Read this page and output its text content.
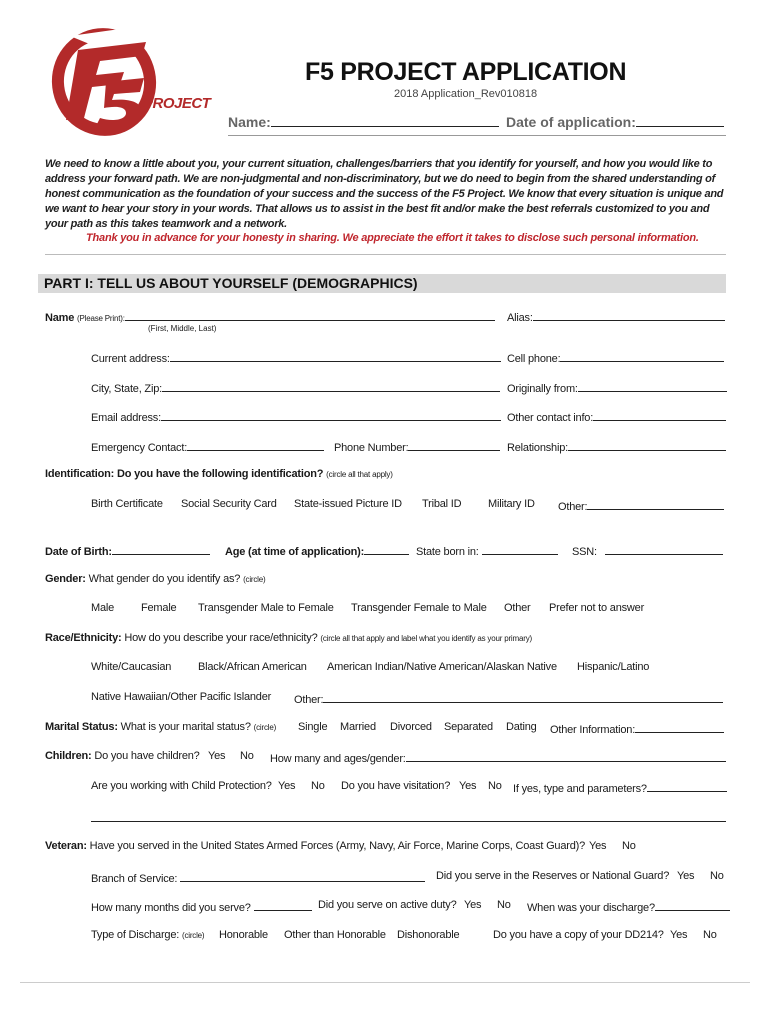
PROJECT
F5 PROJECT APPLICATION
2018 Application_Rev010818
Name:	Date of application:
We need to know a little about you, your current situation, challenges/barriers that you identify for yourself, and how you would like to address your forward path. We are non-judgmental and non-discriminatory, but we do need to begin from the shared understanding of honest communication as the foundation of your success and the success of the F5 Project. We know that every situation is unique and we want to hear your story in your words. That allows us to assist in the best fit and/or make the best referrals customized to you and your path as this takes teamwork and a network.
Thank you in advance for your honesty in sharing. We appreciate the effort it takes to disclose such personal information.
PART I: TELL US ABOUT YOURSELF (DEMOGRAPHICS)
Name (Please Print):
(First, Middle, Last)
Alias:
Current address:	Cell phone:
City, State, Zip:	Originally from:
Email address:	Other contact info:
Emergency Contact:	Phone Number:	Relationship:
Identification: Do you have the following identification? (circle all that apply)
Birth Certificate Social Security Card State-issued Picture ID Tribal ID Military ID Other:
Date of Birth:	Age (at time of application):	State born in:	SSN:
Gender: What gender do you identify as? (circle)
Male Female Transgender Male to Female Transgender Female to Male Other Prefer not to answer
Race/Ethnicity: How do you describe your race/ethnicity? (circle all that apply and label what you identify as your primary)
White/Caucasian Black/African American American Indian/Native American/Alaskan Native Hispanic/Latino
Native Hawaiian/Other Pacific Islander Other:
Marital Status: What is your marital status? (circle) Single Married Divorced Separated Dating Other Information:
Children: Do you have children? Yes No How many and ages/gender:
Are you working with Child Protection? Yes No Do you have visitation? Yes No If yes, type and parameters?
Veteran: Have you served in the United States Armed Forces (Army, Navy, Air Force, Marine Corps, Coast Guard)? Yes No
Branch of Service:	Did you serve in the Reserves or National Guard? Yes No
How many months did you serve?	Did you serve on active duty? Yes No When was your discharge?
Type of Discharge: (circle) Honorable Other than Honorable Dishonorable	Do you have a copy of your DD214? Yes No
